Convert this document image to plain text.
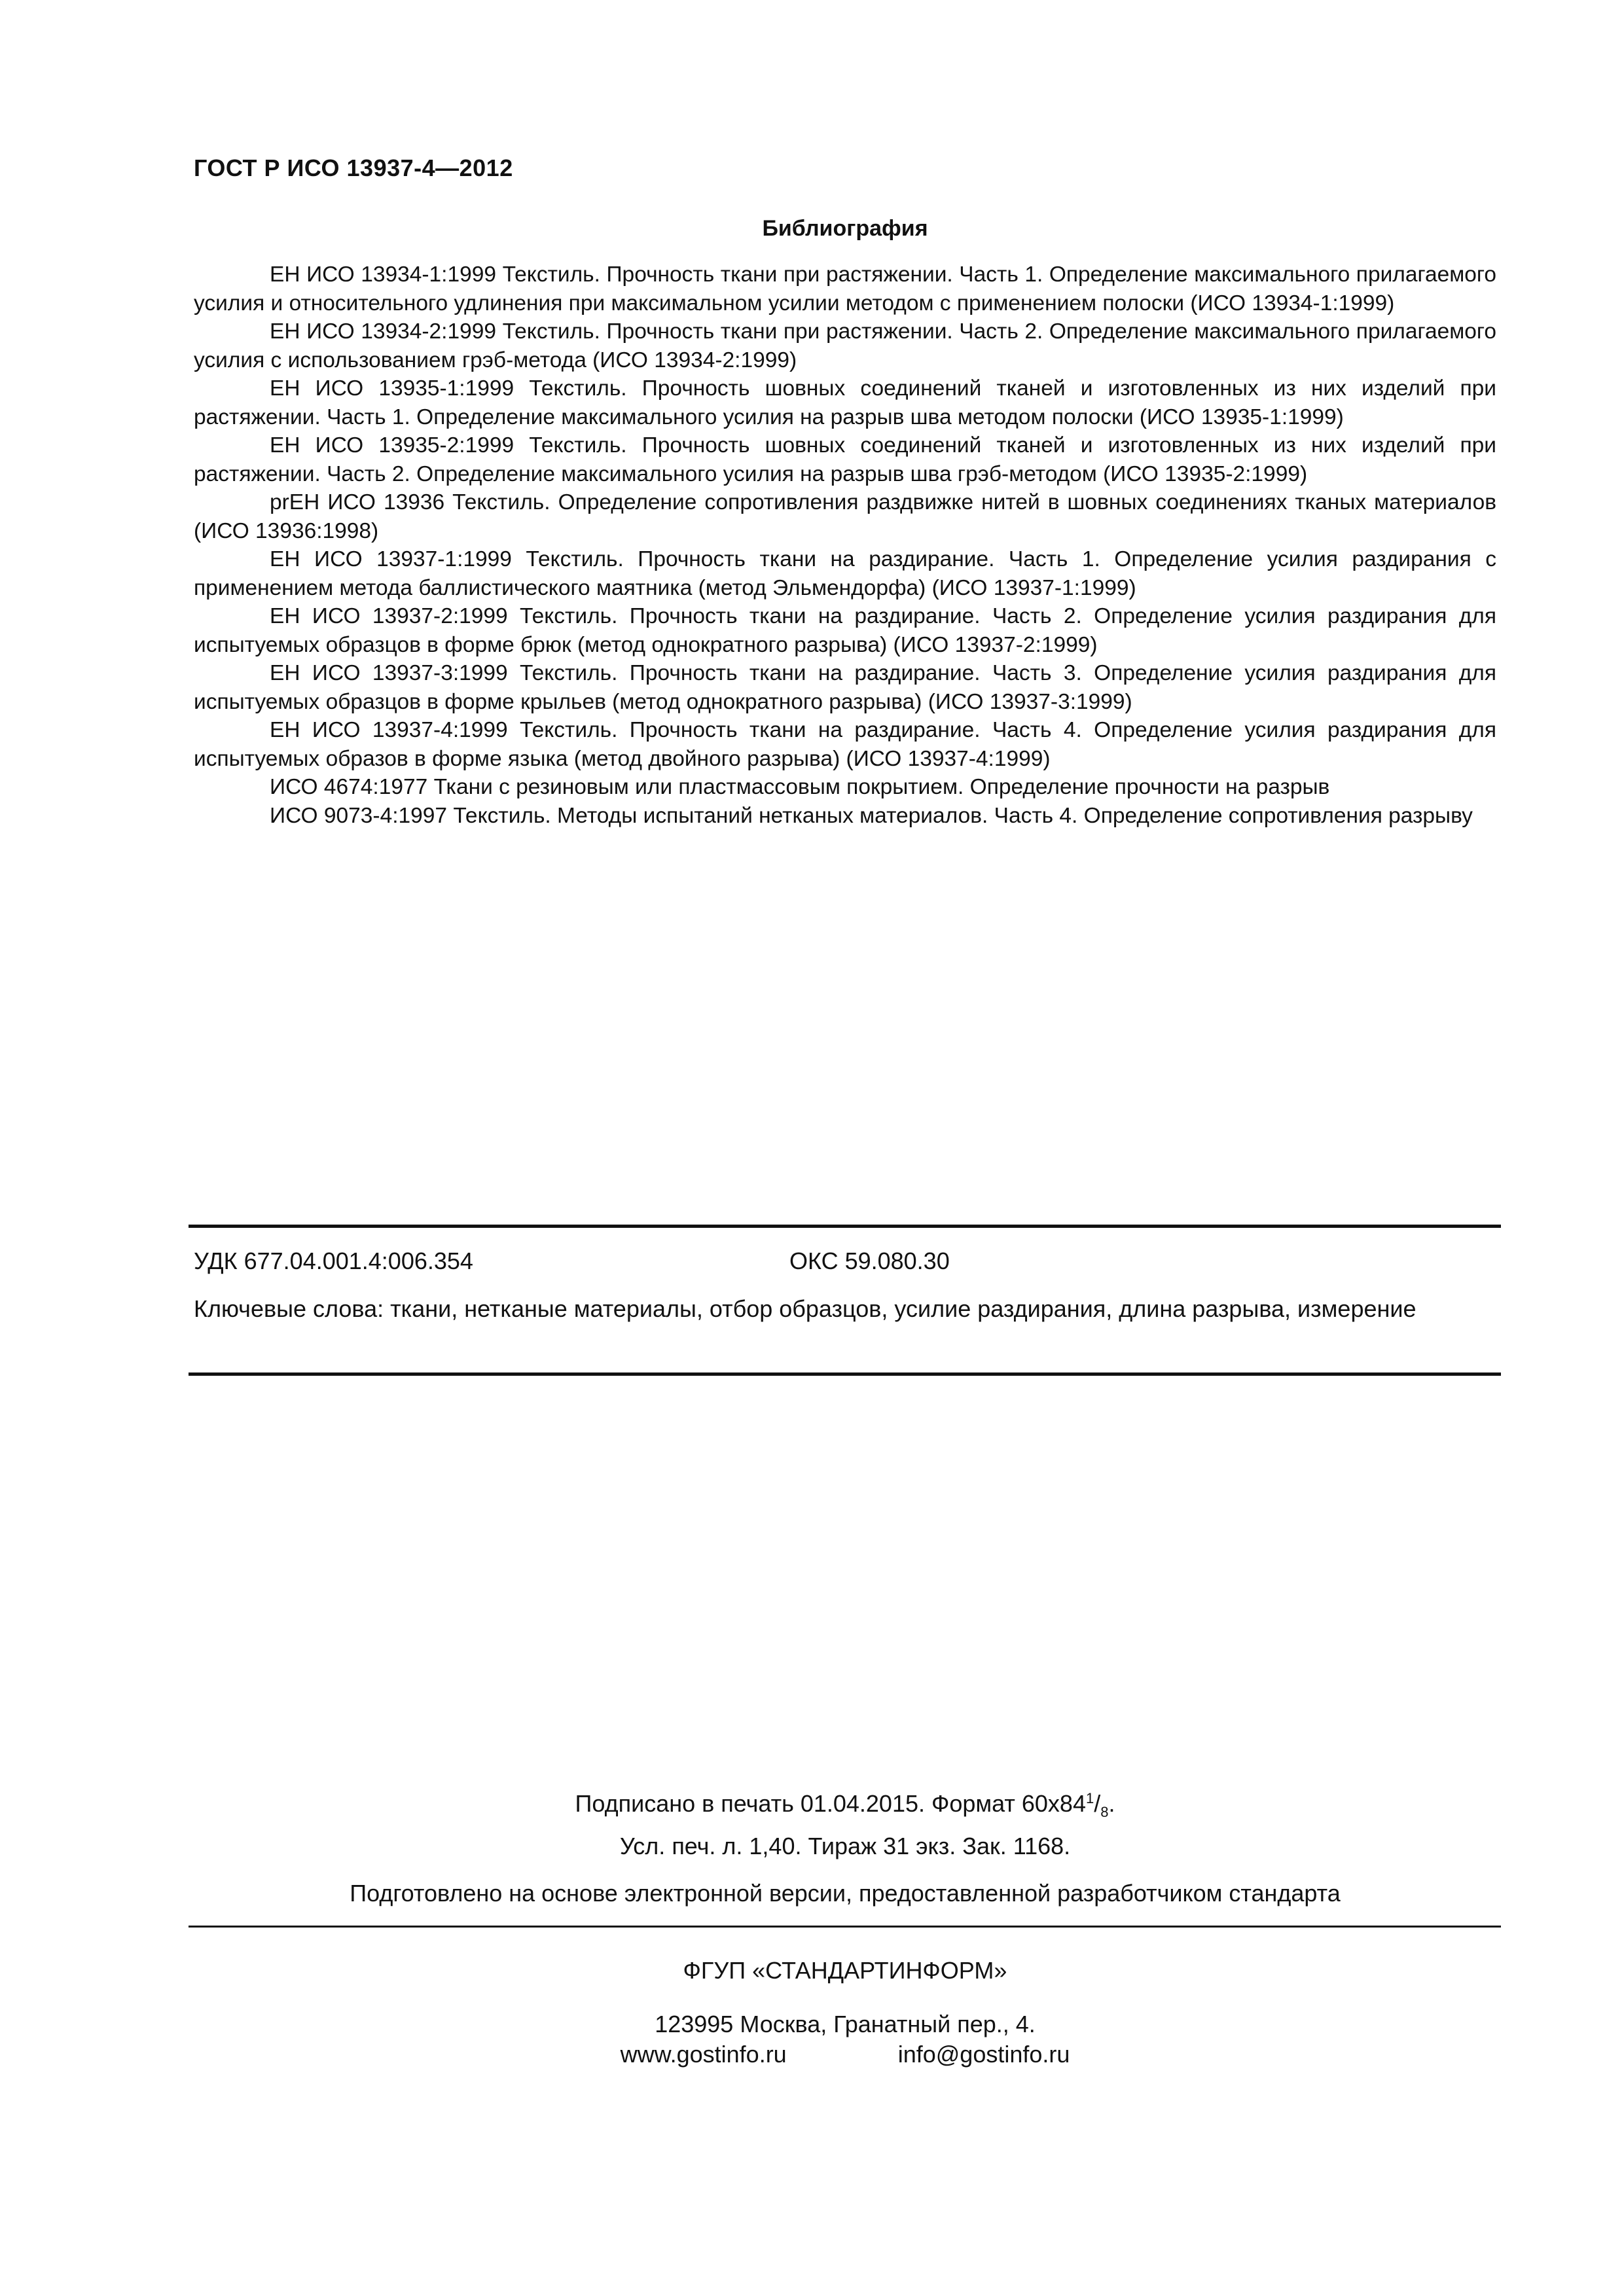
ГОСТ Р ИСО 13937-4—2012
Библиография

ЕН ИСО 13934-1:1999 Текстиль. Прочность ткани при растяжении. Часть 1. Определение максимального прилагаемого усилия и относительного удлинения при максимальном усилии методом с применением полоски (ИСО 13934-1:1999)

ЕН ИСО 13934-2:1999 Текстиль. Прочность ткани при растяжении. Часть 2. Определение максимального прилагаемого усилия с использованием грэб-метода (ИСО 13934-2:1999)

ЕН ИСО 13935-1:1999 Текстиль. Прочность шовных соединений тканей и изготовленных из них изделий при растяжении. Часть 1. Определение максимального усилия на разрыв шва методом полоски (ИСО 13935-1:1999)

ЕН ИСО 13935-2:1999 Текстиль. Прочность шовных соединений тканей и изготовленных из них изделий при растяжении. Часть 2. Определение максимального усилия на разрыв шва грэб-методом (ИСО 13935-2:1999)

prЕН ИСО 13936 Текстиль. Определение сопротивления раздвижке нитей в шовных соединениях тканых материалов (ИСО 13936:1998)

ЕН ИСО 13937-1:1999 Текстиль. Прочность ткани на раздирание. Часть 1. Определение усилия раздирания с применением метода баллистического маятника (метод Эльмендорфа) (ИСО 13937-1:1999)

ЕН ИСО 13937-2:1999 Текстиль. Прочность ткани на раздирание. Часть 2. Определение усилия раздирания для испытуемых образцов в форме брюк (метод однократного разрыва) (ИСО 13937-2:1999)

ЕН ИСО 13937-3:1999 Текстиль. Прочность ткани на раздирание. Часть 3. Определение усилия раздирания для испытуемых образцов в форме крыльев (метод однократного разрыва) (ИСО 13937-3:1999)

ЕН ИСО 13937-4:1999 Текстиль. Прочность ткани на раздирание. Часть 4. Определение усилия раздирания для испытуемых образов в форме языка (метод двойного разрыва) (ИСО 13937-4:1999)

ИСО 4674:1977 Ткани с резиновым или пластмассовым покрытием. Определение прочности на разрыв

ИСО 9073-4:1997 Текстиль. Методы испытаний нетканых материалов. Часть 4. Определение сопротивления разрыву

УДК 677.04.001.4:006.354	ОКС 59.080.30
Ключевые слова: ткани, нетканые материалы, отбор образцов, усилие раздирания, длина разрыва, измерение
Подписано в печать 01.04.2015. Формат $60x84^1/_8$.
Усл. печ. л. 1,40. Тираж 31 экз. Зак. 1168.
Подготовлено на основе электронной версии, предоставленной разработчиком стандарта
ФГУП «СТАНДАРТИНФОРМ»
123995 Москва, Гранатный пер., 4.
www.gostinfo.ru	info@gostinfo.ru
